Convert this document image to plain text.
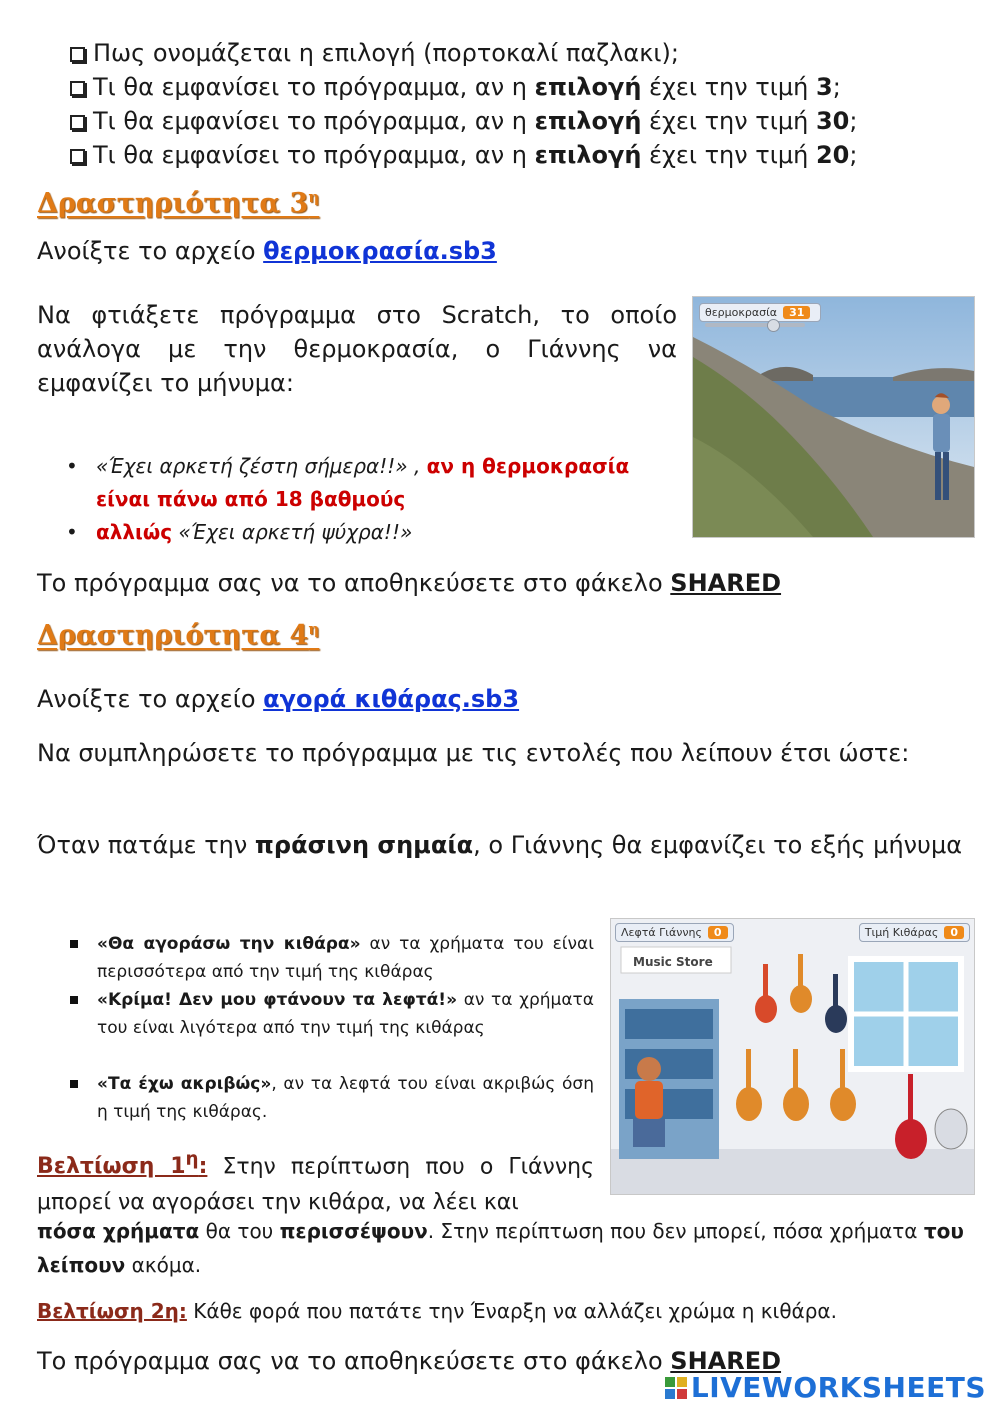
Πως ονομάζεται η επιλογή (πορτοκαλί παζλακι);
Τι θα εμφανίσει το πρόγραμμα, αν η επιλογή έχει την τιμή 3;
Τι θα εμφανίσει το πρόγραμμα, αν η επιλογή έχει την τιμή 30;
Τι θα εμφανίσει το πρόγραμμα, αν η επιλογή έχει την τιμή 20;
Δραστηριότητα $3^\eta$
Ανοίξτε το αρχείο θερμοκρασία.sb3
Να φτιάξετε πρόγραμμα στο Scratch, το οποίο ανάλογα με την θερμοκρασία, ο Γιάννης να εμφανίζει το μήνυμα:
• «Έχει αρκετή ζέστη σήμερα!!» , αν η θερμοκρασία είναι πάνω από 18 βαθμούς
• αλλιώς «Έχει αρκετή ψύχρα!!»
θερμοκρασία 31
Το πρόγραμμα σας να το αποθηκεύσετε στο φάκελο SHARED
Δραστηριότητα $4^\eta$
Ανοίξτε το αρχείο αγορά κιθάρας.sb3
Να συμπληρώσετε το πρόγραμμα με τις εντολές που λείπουν έτσι ώστε:
Όταν πατάμε την πράσινη σημαία, ο Γιάννης θα εμφανίζει το εξής μήνυμα
«Θα αγοράσω την κιθάρα» αν τα χρήματα του είναι περισσότερα από την τιμή της κιθάρας
«Κρίμα! Δεν μου φτάνουν τα λεφτά!» αν τα χρήματα του είναι λιγότερα από την τιμή της κιθάρας
«Τα έχω ακριβώς», αν τα λεφτά του είναι ακριβώς όση η τιμή της κιθάρας.
Λεφτά Γιάννης 0	Τιμή Κιθάρας 0
Music Store
Βελτίωση $1^\eta$: Στην περίπτωση που ο Γιάννης μπορεί να αγοράσει την κιθάρα, να λέει και
πόσα χρήματα θα του περισσέψουν. Στην περίπτωση που δεν μπορεί, πόσα χρήματα του λείπουν ακόμα.
Βελτίωση 2η: Κάθε φορά που πατάτε την Έναρξη να αλλάζει χρώμα η κιθάρα.
Το πρόγραμμα σας να το αποθηκεύσετε στο φάκελο SHARED
LIVEWORKSHEETS
